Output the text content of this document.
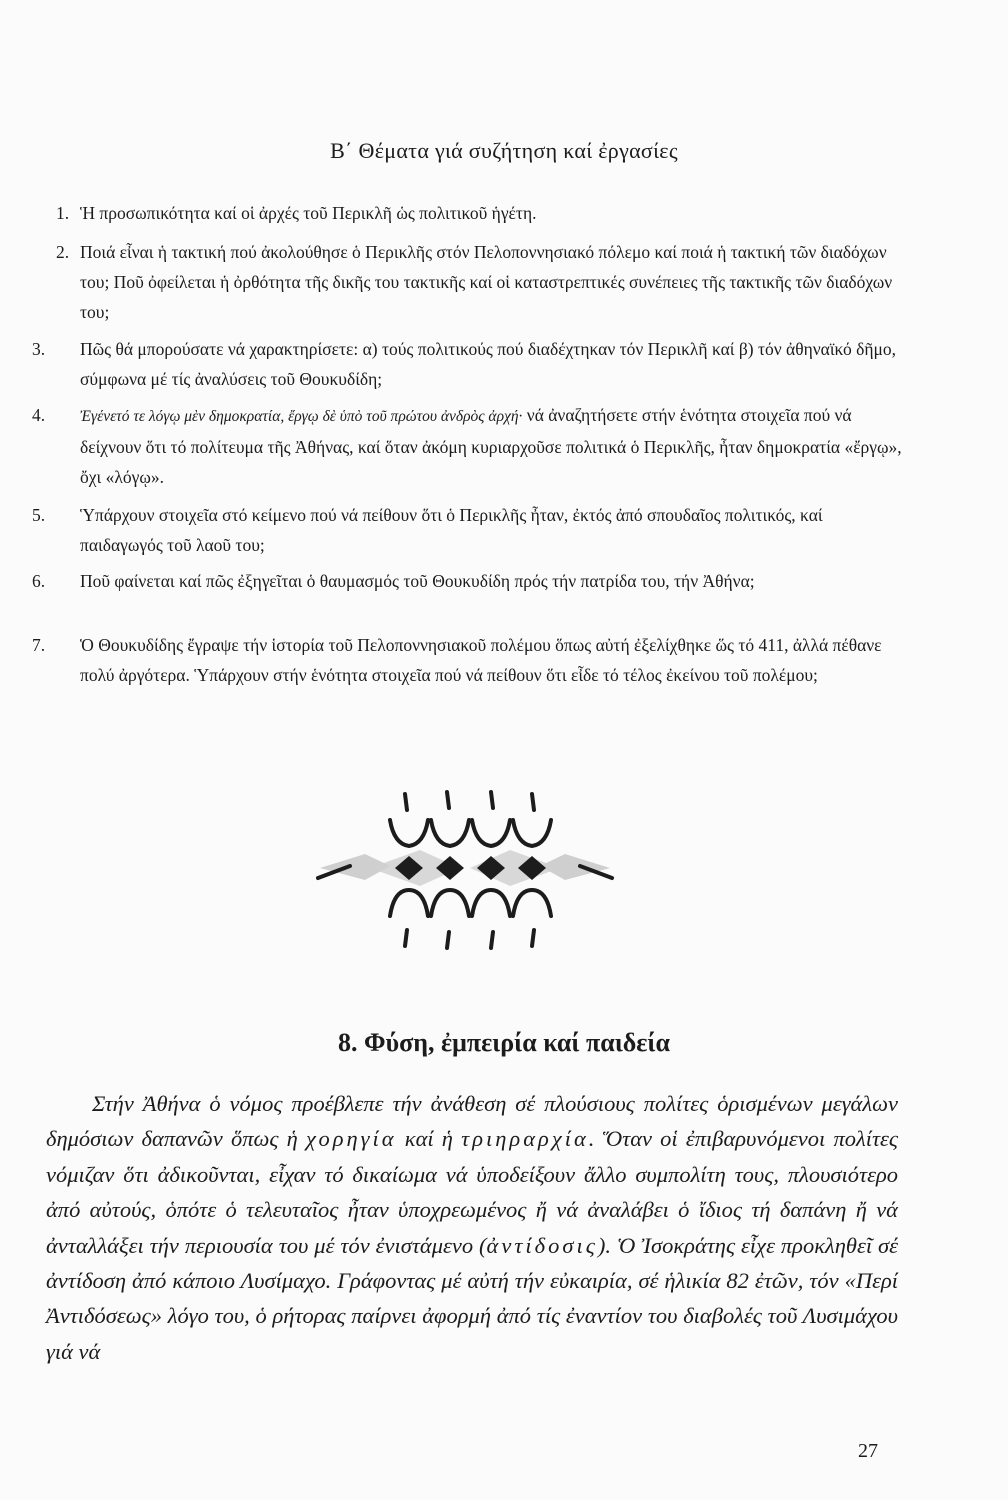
Β΄ Θέματα γιά συζήτηση καί ἐργασίες
1. Ἡ προσωπικότητα καί οἱ ἀρχές τοῦ Περικλῆ ὡς πολιτικοῦ ἡγέτη.
2. Ποιά εἶναι ἡ τακτική πού ἀκολούθησε ὁ Περικλῆς στόν Πελοποννησιακό πόλεμο καί ποιά ἡ τακτική τῶν διαδόχων του; Ποῦ ὀφείλεται ἡ ὀρθότητα τῆς δικῆς του τακτικῆς καί οἱ καταστρεπτικές συνέπειες τῆς τακτικῆς τῶν διαδόχων του;
3. Πῶς θά μπορούσατε νά χαρακτηρίσετε: α) τούς πολιτικούς πού διαδέχτηκαν τόν Περικλῆ καί β) τόν ἀθηναϊκό δῆμο, σύμφωνα μέ τίς ἀναλύσεις τοῦ Θουκυδίδη;
4. Ἐγένετό τε λόγῳ μὲν δημοκρατία, ἔργῳ δὲ ὑπὸ τοῦ πρώτου ἀνδρὸς ἀρχή· νά ἀναζητήσετε στήν ἑνότητα στοιχεῖα πού νά δείχνουν ὅτι τό πολίτευμα τῆς Ἀθήνας, καί ὅταν ἀκόμη κυριαρχοῦσε πολιτικά ὁ Περικλῆς, ἦταν δημοκρατία «ἔργῳ», ὄχι «λόγῳ».
5. Ὑπάρχουν στοιχεῖα στό κείμενο πού νά πείθουν ὅτι ὁ Περικλῆς ἦταν, ἐκτός ἀπό σπουδαῖος πολιτικός, καί παιδαγωγός τοῦ λαοῦ του;
6. Ποῦ φαίνεται καί πῶς ἐξηγεῖται ὁ θαυμασμός τοῦ Θουκυδίδη πρός τήν πατρίδα του, τήν Ἀθήνα;
7. Ὁ Θουκυδίδης ἔγραψε τήν ἱστορία τοῦ Πελοποννησιακοῦ πολέμου ὅπως αὐτή ἐξελίχθηκε ὥς τό 411, ἀλλά πέθανε πολύ ἀργότερα. Ὑπάρχουν στήν ἑνότητα στοιχεῖα πού νά πείθουν ὅτι εἶδε τό τέλος ἐκείνου τοῦ πολέμου;
8. Φύση, ἐμπειρία καί παιδεία
Στήν Ἀθήνα ὁ νόμος προέβλεπε τήν ἀνάθεση σέ πλούσιους πολίτες ὁρισμένων μεγάλων δημόσιων δαπανῶν ὅπως ἡ χορηγία καί ἡ τριηραρχία. Ὅταν οἱ ἐπιβαρυνόμενοι πολίτες νόμιζαν ὅτι ἀδικοῦνται, εἶχαν τό δικαίωμα νά ὑποδείξουν ἄλλο συμπολίτη τους, πλουσιότερο ἀπό αὐτούς, ὁπότε ὁ τελευταῖος ἦταν ὑποχρεωμένος ἤ νά ἀναλάβει ὁ ἴδιος τή δαπάνη ἤ νά ἀνταλλάξει τήν περιουσία του μέ τόν ἐνιστάμενο (ἀντίδοσις). Ὁ Ἰσοκράτης εἶχε προκληθεῖ σέ ἀντίδοση ἀπό κάποιο Λυσίμαχο. Γράφοντας μέ αὐτή τήν εὐκαιρία, σέ ἡλικία 82 ἐτῶν, τόν «Περί Ἀντιδόσεως» λόγο του, ὁ ρήτορας παίρνει ἀφορμή ἀπό τίς ἐναντίον του διαβολές τοῦ Λυσιμάχου γιά νά
27
